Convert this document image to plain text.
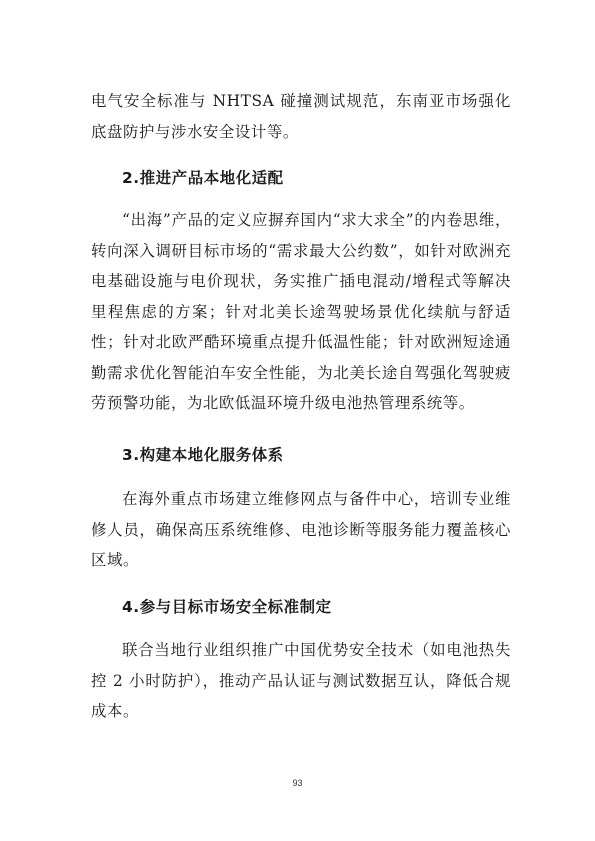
电气安全标准与 NHTSA 碰撞测试规范，东南亚市场强化底盘防护与涉水安全设计等。

2.推进产品本地化适配

“出海”产品的定义应摒弃国内“求大求全”的内卷思维，转向深入调研目标市场的“需求最大公约数”，如针对欧洲充电基础设施与电价现状，务实推广插电混动/增程式等解决里程焦虑的方案；针对北美长途驾驶场景优化续航与舒适性；针对北欧严酷环境重点提升低温性能；针对欧洲短途通勤需求优化智能泊车安全性能，为北美长途自驾强化驾驶疲劳预警功能，为北欧低温环境升级电池热管理系统等。

3.构建本地化服务体系

在海外重点市场建立维修网点与备件中心，培训专业维修人员，确保高压系统维修、电池诊断等服务能力覆盖核心区域。

4.参与目标市场安全标准制定

联合当地行业组织推广中国优势安全技术（如电池热失控 2 小时防护），推动产品认证与测试数据互认，降低合规成本。

93
